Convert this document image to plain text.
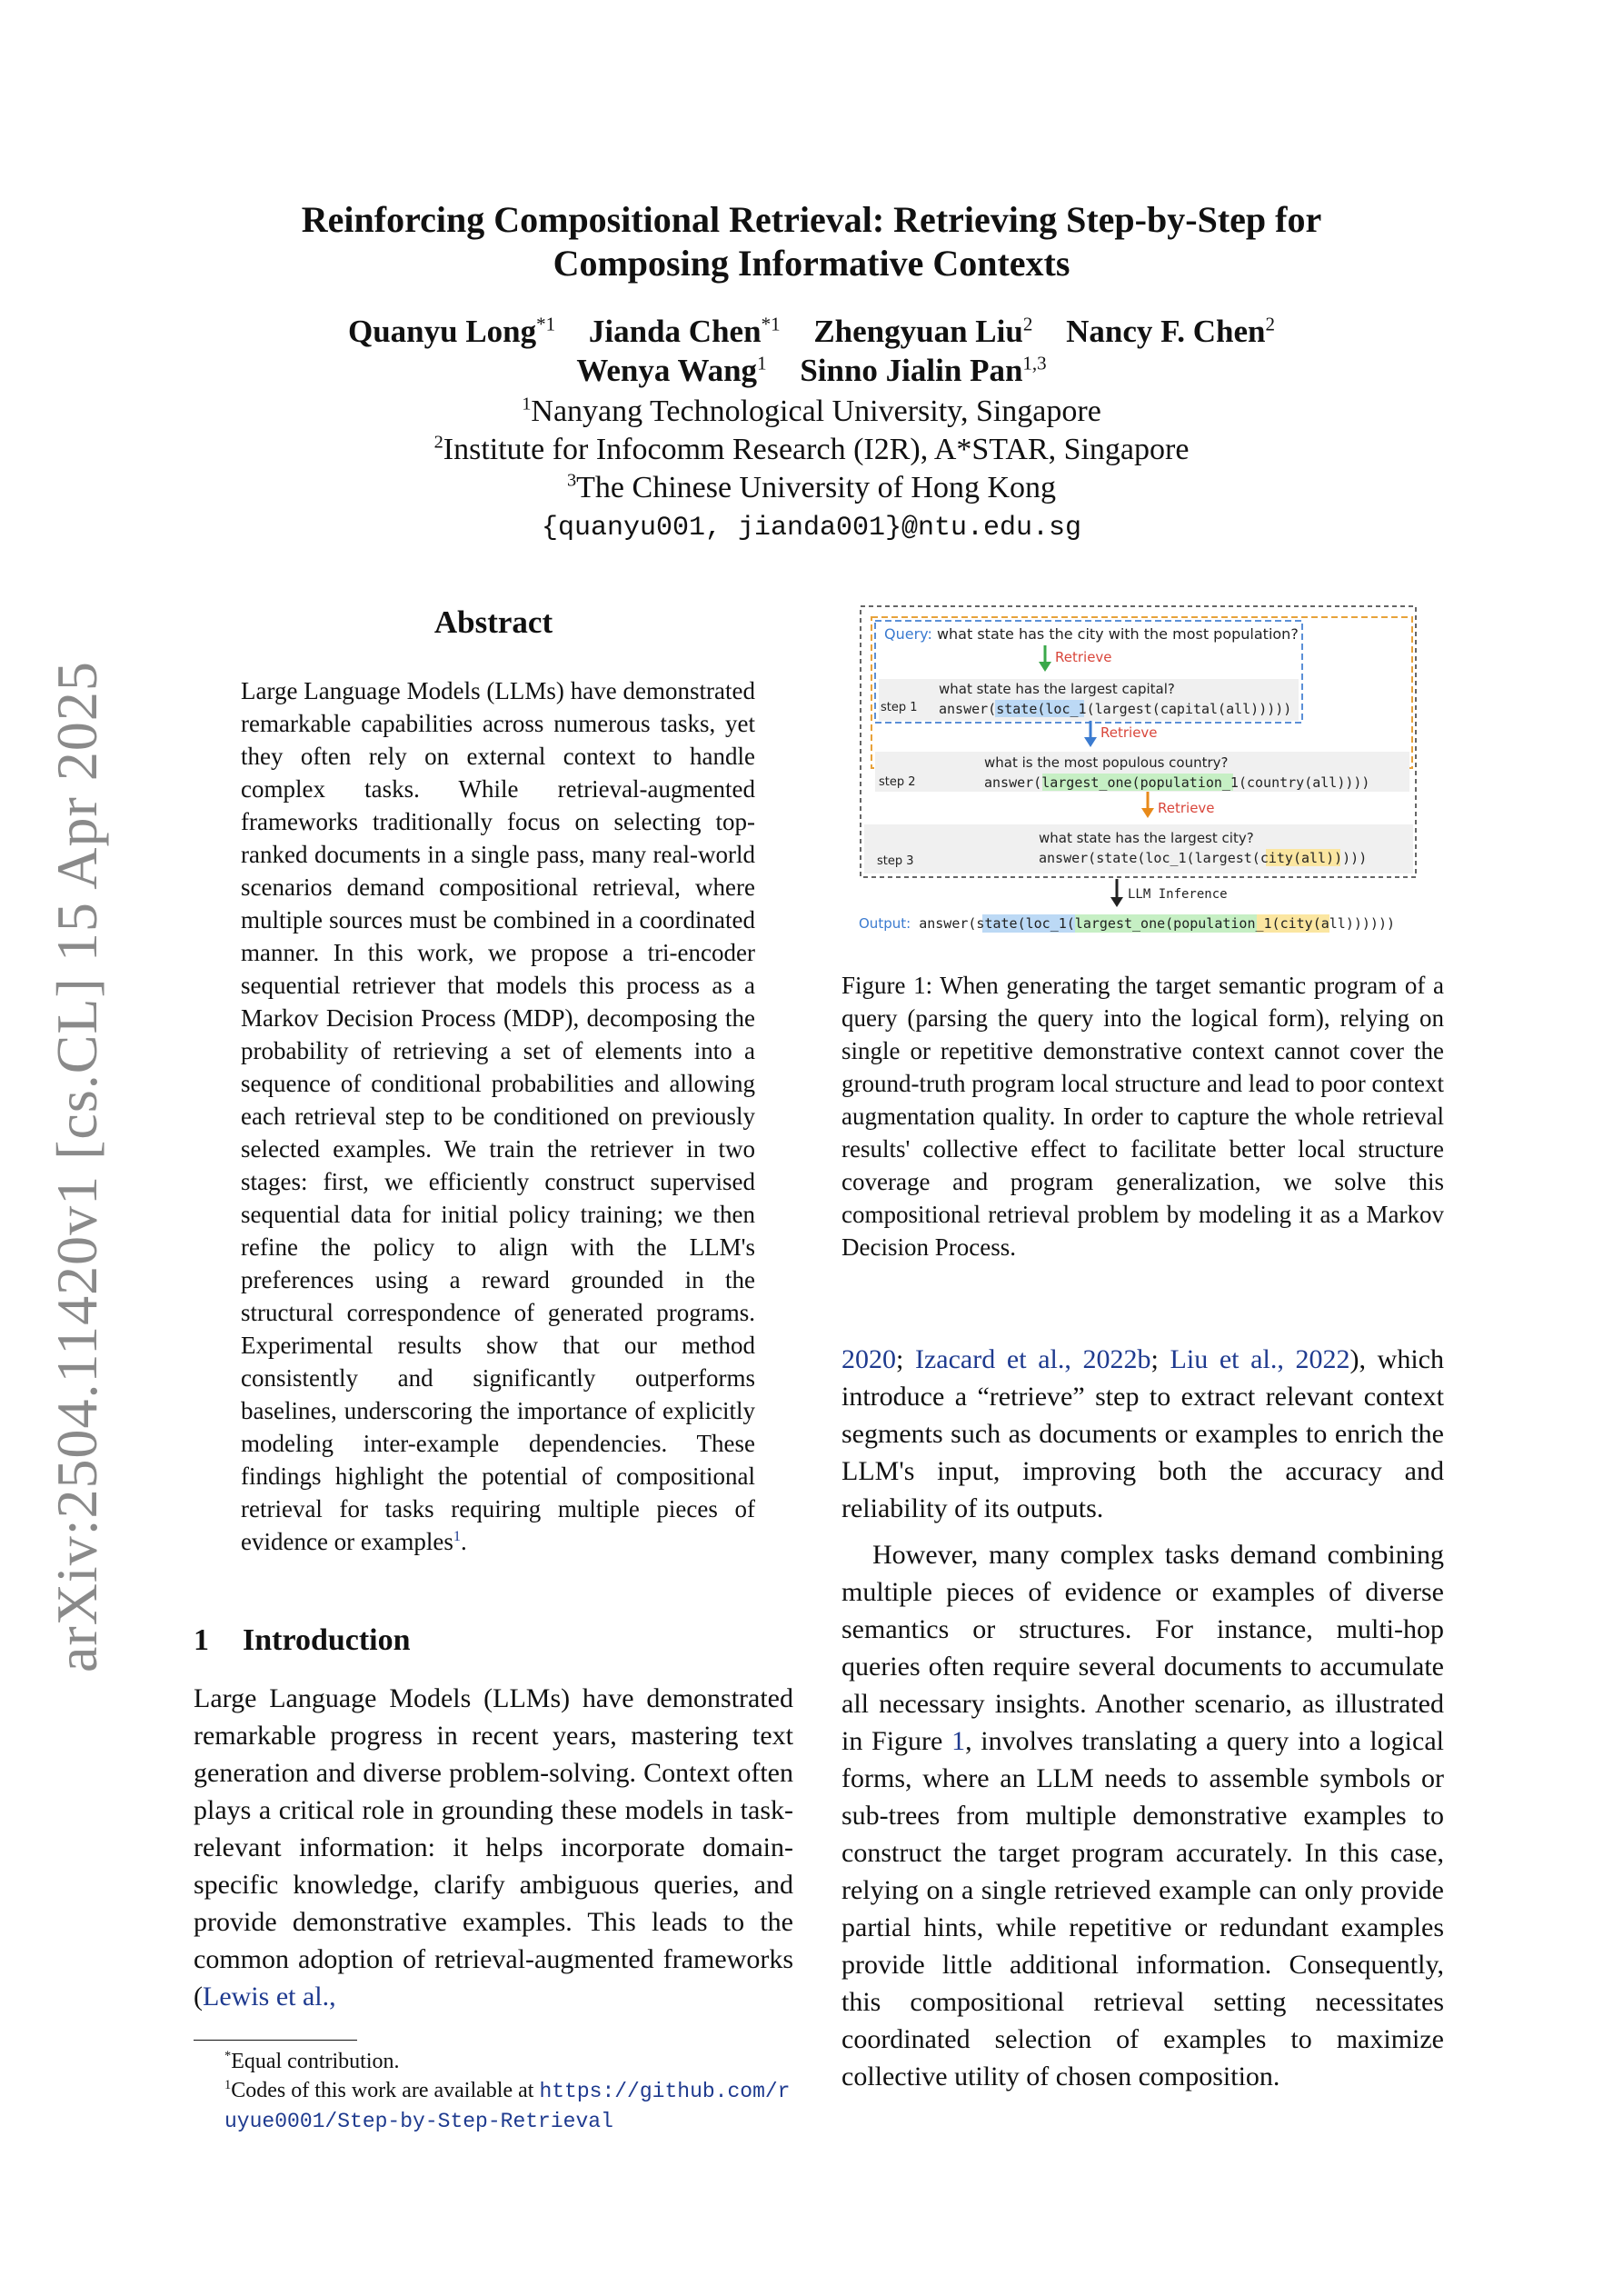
arXiv:2504.11420v1 [cs.CL] 15 Apr 2025
Reinforcing Compositional Retrieval: Retrieving Step-by-Step for
Composing Informative Contexts
Quanyu Long$^{*1}$ Jianda Chen$^{*1}$ Zhengyuan Liu$^2$ Nancy F. Chen$^2$
Wenya Wang$^1$ Sinno Jialin Pan$^{1,3}$
$^1$Nanyang Technological University, Singapore
$^2$Institute for Infocomm Research (I2R), A*STAR, Singapore
$^3$The Chinese University of Hong Kong
{quanyu001, jianda001}@ntu.edu.sg
Abstract
Large Language Models (LLMs) have demonstrated remarkable capabilities across numerous tasks, yet they often rely on external context to handle complex tasks. While retrieval-augmented frameworks traditionally focus on selecting top-ranked documents in a single pass, many real-world scenarios demand compositional retrieval, where multiple sources must be combined in a coordinated manner. In this work, we propose a tri-encoder sequential retriever that models this process as a Markov Decision Process (MDP), decomposing the probability of retrieving a set of elements into a sequence of conditional probabilities and allowing each retrieval step to be conditioned on previously selected examples. We train the retriever in two stages: first, we efficiently construct supervised sequential data for initial policy training; we then refine the policy to align with the LLM's preferences using a reward grounded in the structural correspondence of generated programs. Experimental results show that our method consistently and significantly outperforms baselines, underscoring the importance of explicitly modeling inter-example dependencies. These findings highlight the potential of compositional retrieval for tasks requiring multiple pieces of evidence or examples$^1$.
1 Introduction
Large Language Models (LLMs) have demonstrated remarkable progress in recent years, mastering text generation and diverse problem-solving. Context often plays a critical role in grounding these models in task-relevant information: it helps incorporate domain-specific knowledge, clarify ambiguous queries, and provide demonstrative examples. This leads to the common adoption of retrieval-augmented frameworks (Lewis et al.,
*Equal contribution.
$^1$Codes of this work are available at https://github.com/ruyue0001/Step-by-Step-Retrieval
Query: what state has the city with the most population?
Retrieve
what state has the largest capital?
step 1 answer(state(loc_1(largest(capital(all)))))
Retrieve
what is the most populous country?
step 2	answer(largest_one(population_1(country(all))))
Retrieve
what state has the largest city?
step 3	answer(state(loc_1(largest(city(all)))))
LLM Inference
Output: answer(state(loc_1(largest_one(population_1(city(all))))))
Figure 1: When generating the target semantic program of a query (parsing the query into the logical form), relying on single or repetitive demonstrative context cannot cover the ground-truth program local structure and lead to poor context augmentation quality. In order to capture the whole retrieval results' collective effect to facilitate better local structure coverage and program generalization, we solve this compositional retrieval problem by modeling it as a Markov Decision Process.

2020; Izacard et al., 2022b; Liu et al., 2022), which introduce a “retrieve” step to extract relevant context segments such as documents or examples to enrich the LLM's input, improving both the accuracy and reliability of its outputs.

However, many complex tasks demand combining multiple pieces of evidence or examples of diverse semantics or structures. For instance, multi-hop queries often require several documents to accumulate all necessary insights. Another scenario, as illustrated in Figure 1, involves translating a query into a logical forms, where an LLM needs to assemble symbols or sub-trees from multiple demonstrative examples to construct the target program accurately. In this case, relying on a single retrieved example can only provide partial hints, while repetitive or redundant examples provide little additional information. Consequently, this compositional retrieval setting necessitates coordinated selection of examples to maximize collective utility of chosen composition.
